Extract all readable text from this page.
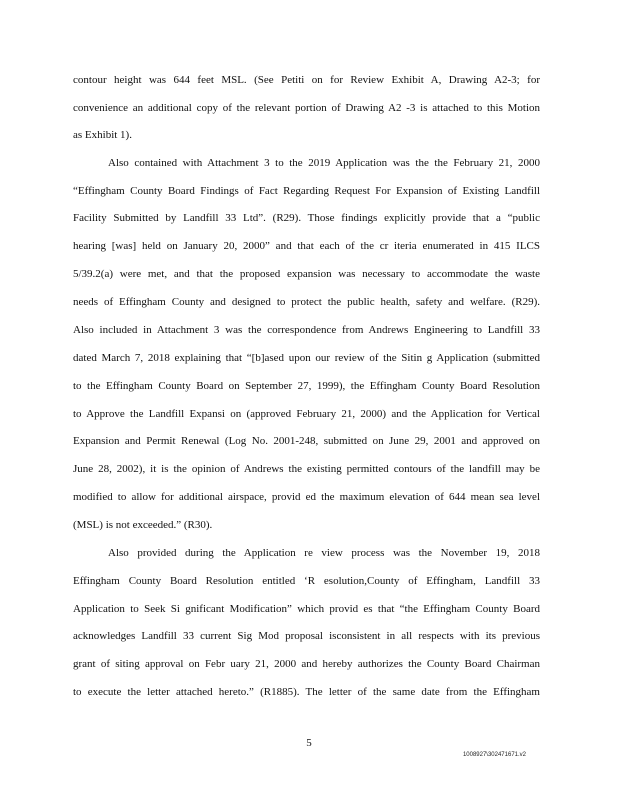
contour height was 644 feet MSL. (See Petiti on for Review Exhibit A, Drawing A2-3; for
convenience an additional copy of the relevant portion of Drawing A2 -3 is attached to this Motion
as Exhibit 1).
Also contained with Attachment 3 to the 2019 Application was the the February 21, 2000
“Effingham County Board Findings of Fact Regarding Request For Expansion of Existing Landfill
Facility Submitted by Landfill 33 Ltd”. (R29). Those findings explicitly provide that a “public
hearing [was] held on January 20, 2000” and that each of the cr iteria enumerated in 415 ILCS
5/39.2(a) were met, and that the proposed expansion was necessary to accommodate the waste
needs of Effingham County and designed to protect the public health, safety and welfare. (R29).
Also included in Attachment 3 was the correspondence from Andrews Engineering to Landfill 33
dated March 7, 2018 explaining that “[b]ased upon our review of the Sitin g Application (submitted
to the Effingham County Board on September 27, 1999), the Effingham County Board Resolution
to Approve the Landfill Expansi on (approved February 21, 2000) and the Application for Vertical
Expansion and Permit Renewal (Log No. 2001-248, submitted on June 29, 2001 and approved on
June 28, 2002), it is the opinion of Andrews the existing permitted contours of the landfill may be
modified to allow for additional airspace, provid ed the maximum elevation of 644 mean sea level
(MSL) is not exceeded.” (R30).
Also provided during the Application re view process was the November 19, 2018
Effingham County Board Resolution entitled ‘R esolution,County of Effingham, Landfill 33
Application to Seek Si gnificant Modification” which provid es that “the Effingham County Board
acknowledges Landfill 33 current Sig Mod proposal isconsistent in all respects with its previous
grant of siting approval on Febr uary 21, 2000 and hereby authorizes the County Board Chairman
to execute the letter attached hereto.” (R1885). The letter of the same date from the Effingham
5
1008927\302471671.v2
